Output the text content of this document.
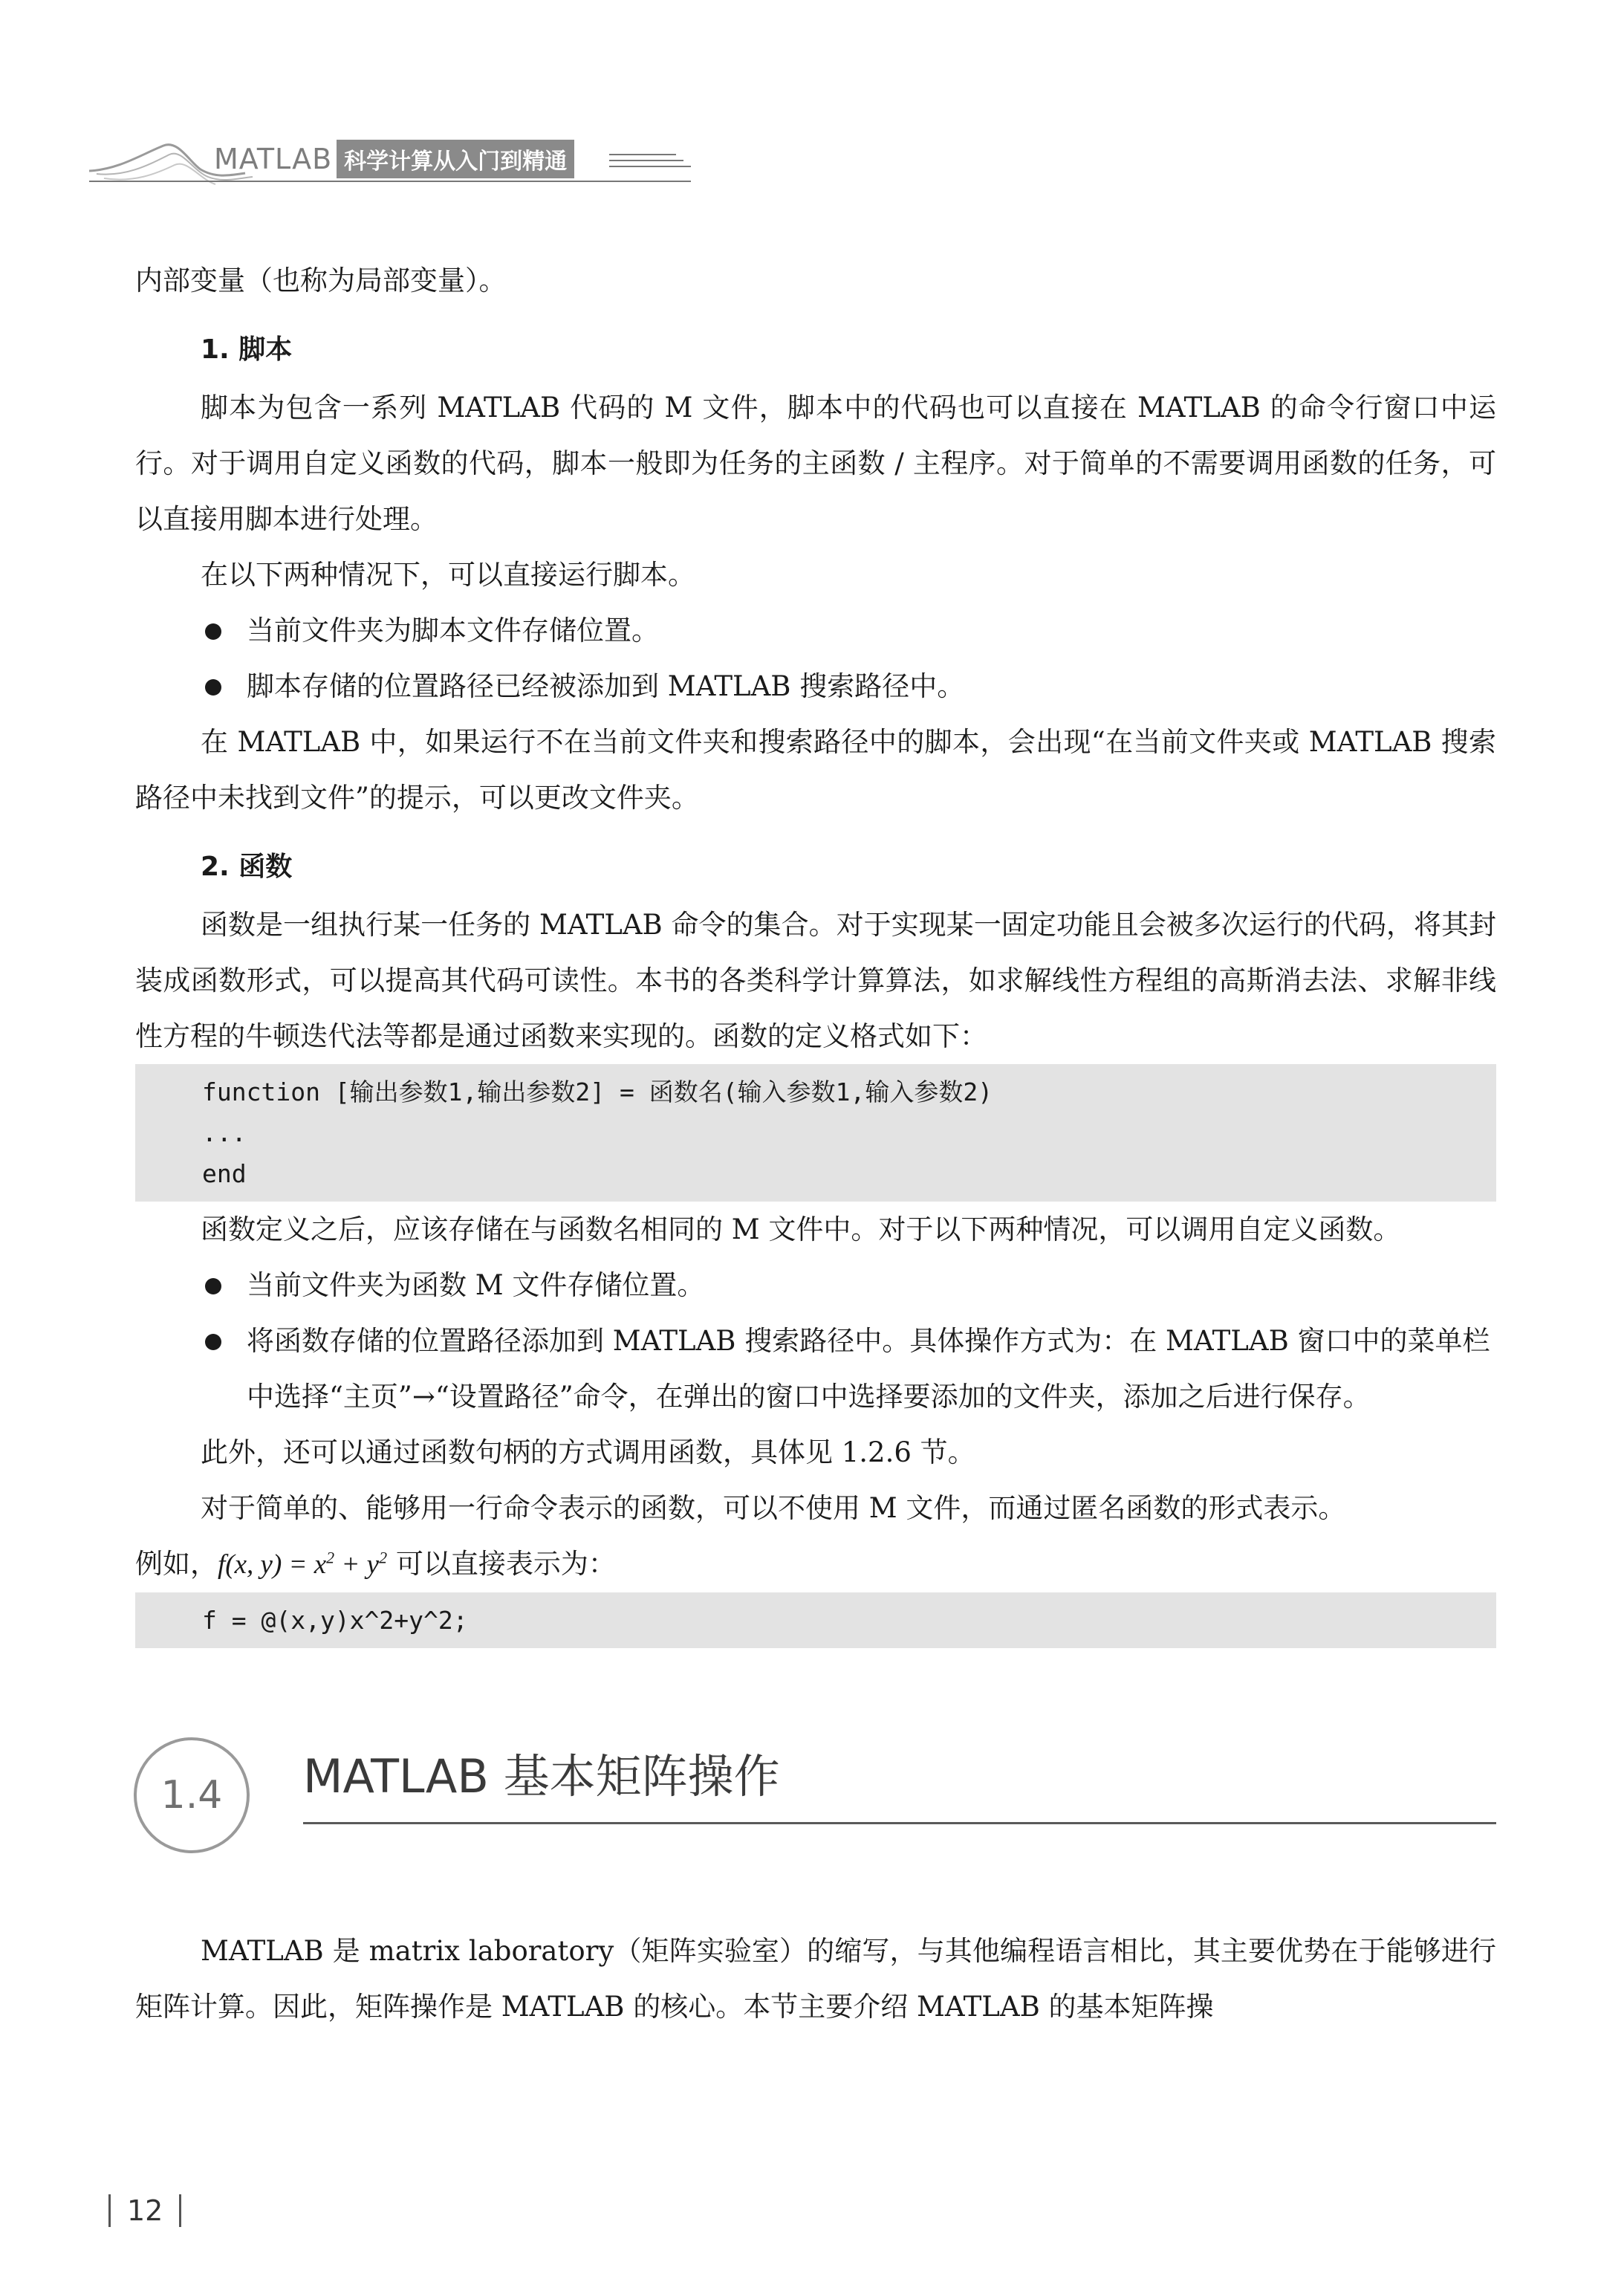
MATLAB 科学计算从入门到精通

内部变量（也称为局部变量）。

1. 脚本

脚本为包含一系列 MATLAB 代码的 M 文件，脚本中的代码也可以直接在 MATLAB 的命令行窗口中运行。对于调用自定义函数的代码，脚本一般即为任务的主函数 / 主程序。对于简单的不需要调用函数的任务，可以直接用脚本进行处理。

在以下两种情况下，可以直接运行脚本。

当前文件夹为脚本文件存储位置。
脚本存储的位置路径已经被添加到 MATLAB 搜索路径中。

在 MATLAB 中，如果运行不在当前文件夹和搜索路径中的脚本，会出现“在当前文件夹或 MATLAB 搜索路径中未找到文件”的提示，可以更改文件夹。

2. 函数

函数是一组执行某一任务的 MATLAB 命令的集合。对于实现某一固定功能且会被多次运行的代码，将其封装成函数形式，可以提高其代码可读性。本书的各类科学计算算法，如求解线性方程组的高斯消去法、求解非线性方程的牛顿迭代法等都是通过函数来实现的。函数的定义格式如下：

function [输出参数1,输出参数2] = 函数名(输入参数1,输入参数2)
...
end

函数定义之后，应该存储在与函数名相同的 M 文件中。对于以下两种情况，可以调用自定义函数。

当前文件夹为函数 M 文件存储位置。
将函数存储的位置路径添加到 MATLAB 搜索路径中。具体操作方式为：在 MATLAB 窗口中的菜单栏中选择“主页”→“设置路径”命令，在弹出的窗口中选择要添加的文件夹，添加之后进行保存。

此外，还可以通过函数句柄的方式调用函数，具体见 1.2.6 节。

对于简单的、能够用一行命令表示的函数，可以不使用 M 文件，而通过匿名函数的形式表示。

例如，f(x, $y) = x^2 + y^2$ 可以直接表示为：

f = @(x,y)x^2+y^2;
1.4	MATLAB 基本矩阵操作

MATLAB 是 matrix laboratory（矩阵实验室）的缩写，与其他编程语言相比，其主要优势在于能够进行矩阵计算。因此，矩阵操作是 MATLAB 的核心。本节主要介绍 MATLAB 的基本矩阵操

12
